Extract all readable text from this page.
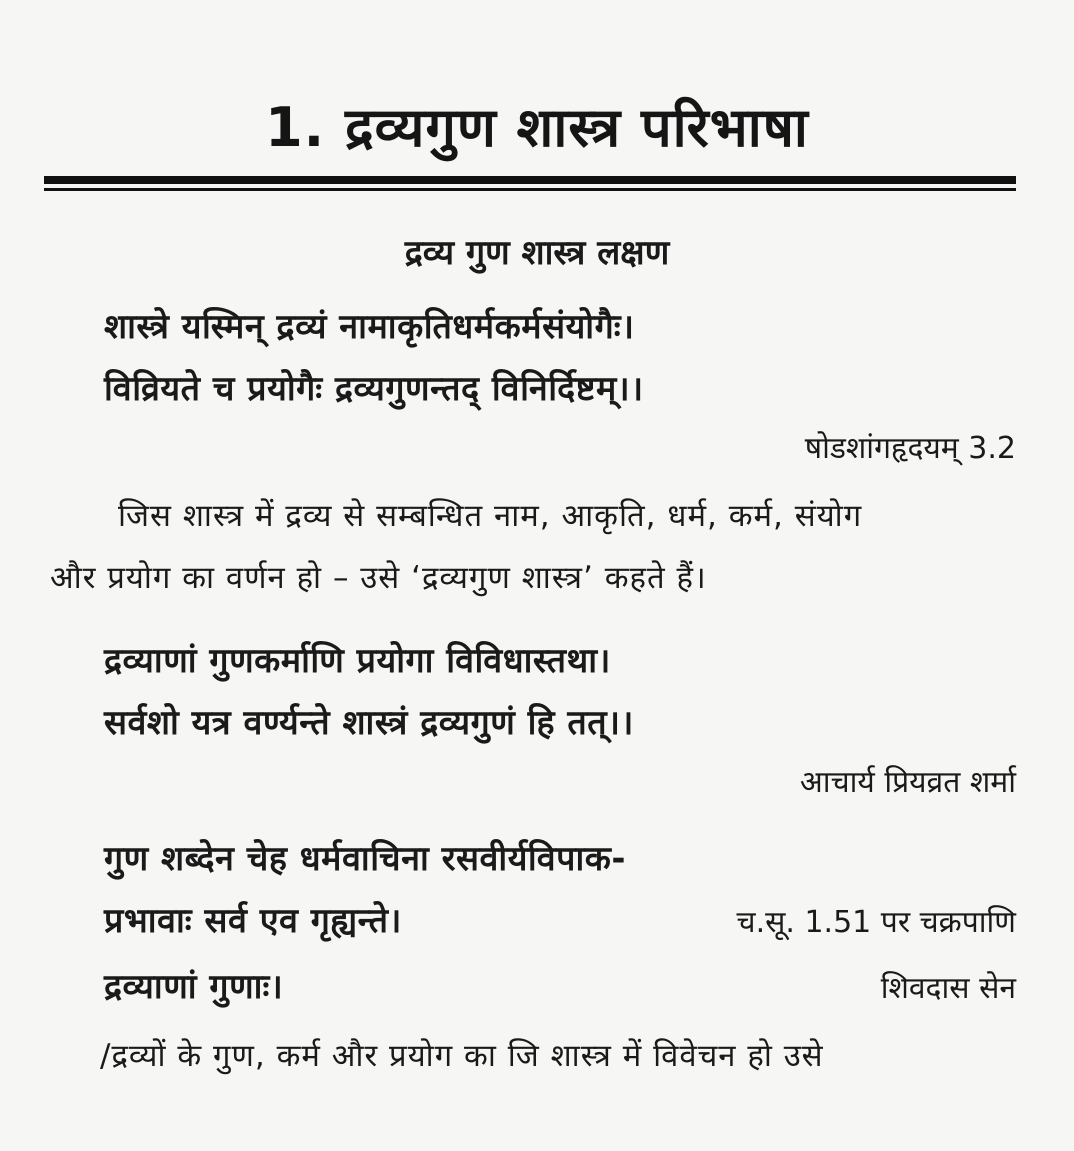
1. द्रव्यगुण शास्त्र परिभाषा
द्रव्य गुण शास्त्र लक्षण
शास्त्रे यस्मिन् द्रव्यं नामाकृतिधर्मकर्मसंयोगैः।
विव्रियते च प्रयोगैः द्रव्यगुणन्तद् विनिर्दिष्टम्।।
षोडशांगहृदयम् 3.2
जिस शास्त्र में द्रव्य से सम्बन्धित नाम, आकृति, धर्म, कर्म, संयोग
और प्रयोग का वर्णन हो – उसे ‘द्रव्यगुण शास्त्र’ कहते हैं।
द्रव्याणां गुणकर्माणि प्रयोगा विविधास्तथा।
सर्वशो यत्र वर्ण्यन्ते शास्त्रं द्रव्यगुणं हि तत्।।
आचार्य प्रियव्रत शर्मा
गुण शब्देन चेह धर्मवाचिना रसवीर्यविपाक-
प्रभावाः सर्व एव गृह्यन्ते।	च.सू. 1.51 पर चक्रपाणि
द्रव्याणां गुणाः।	शिवदास सेन
/द्रव्यों के गुण, कर्म और प्रयोग का जि शास्त्र में विवेचन हो उसे
